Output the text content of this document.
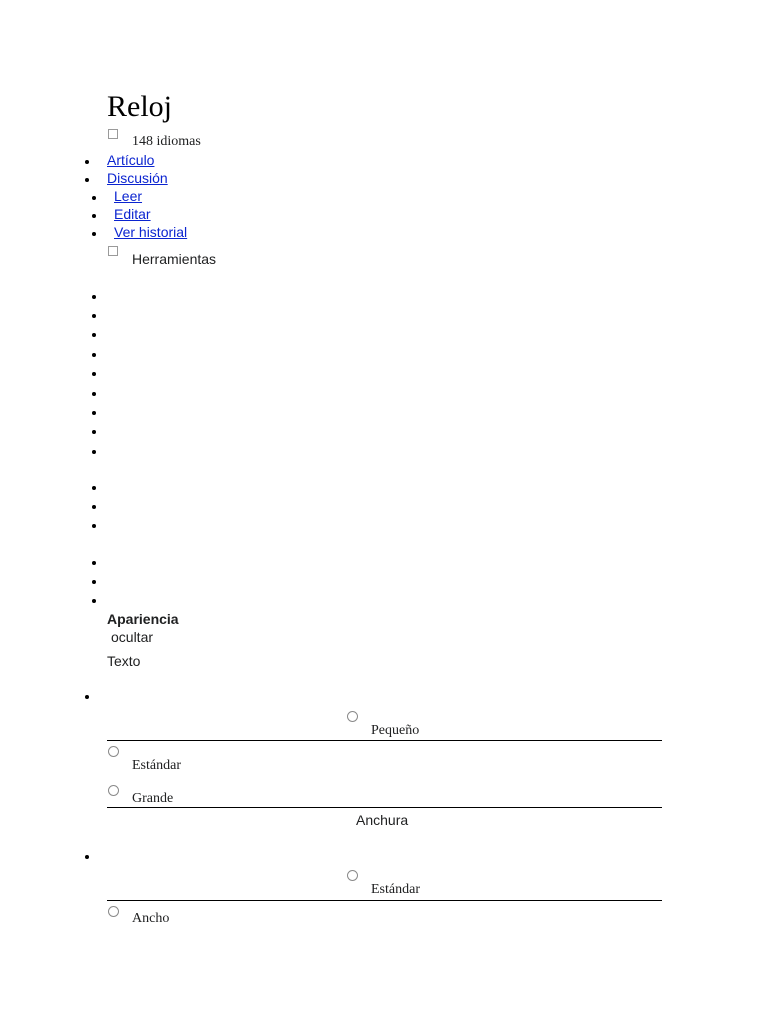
Reloj
148 idiomas
Artículo
Discusión
Leer
Editar
Ver historial
Herramientas
Apariencia
ocultar
Texto
Pequeño
Estándar
Grande
Anchura
Estándar
Ancho
